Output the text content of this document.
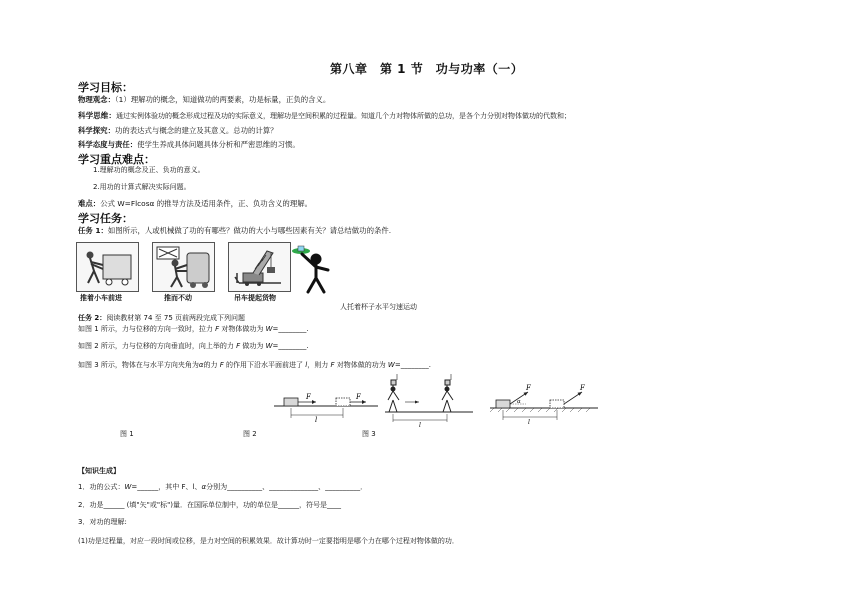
第八章　第 1 节　功与功率（一）
学习目标：
物理观念：（1）理解功的概念，知道做功的两要素，功是标量，正负的含义。
科学思维：通过实例体验功的概念形成过程及功的实际意义，理解功是空间积累的过程量。知道几个力对物体所做的总功，是各个力分别对物体做功的代数和；
科学探究：功的表达式与概念的建立及其意义。总功的计算？
科学态度与责任：使学生养成具体问题具体分析和严密思维的习惯。
学习重点难点：
1.理解功的概念及正、负功的意义。
2.用功的计算式解决实际问题。
难点：公式 W=Flcosα 的推导方法及适用条件，正、负功含义的理解。
学习任务：
任务 1：如图所示，人或机械做了功的有哪些？做功的大小与哪些因素有关？请总结做功的条件.
推着小车前进	推而不动	吊车提起货物
人托着杯子水平匀速运动
任务 2：阅读教材第 74 至 75 页前两段完成下列问题
如图 1 所示，力与位移的方向一致时，拉力 F 对物体做功为 W=________.
如图 2 所示，力与位移的方向垂直时，向上举的力 F 做功为 W=________.
如图 3 所示，物体在与水平方向夹角为α的力 F 的作用下沿水平面前进了 l，则力 F 对物体做的功为 W=________.
F	F
l
l
F
α
F
l
图 1	图 2	图 3
【知识生成】
1．功的公式：W=______，其中 F、l、α分别为__________、______________、__________．
2．功是______ (填"矢"或"标")量．在国际单位制中，功的单位是______，符号是____
3．对功的理解:
(1)功是过程量，对应一段时间或位移，是力对空间的积累效果．故计算功时一定要指明是哪个力在哪个过程对物体做的功．
